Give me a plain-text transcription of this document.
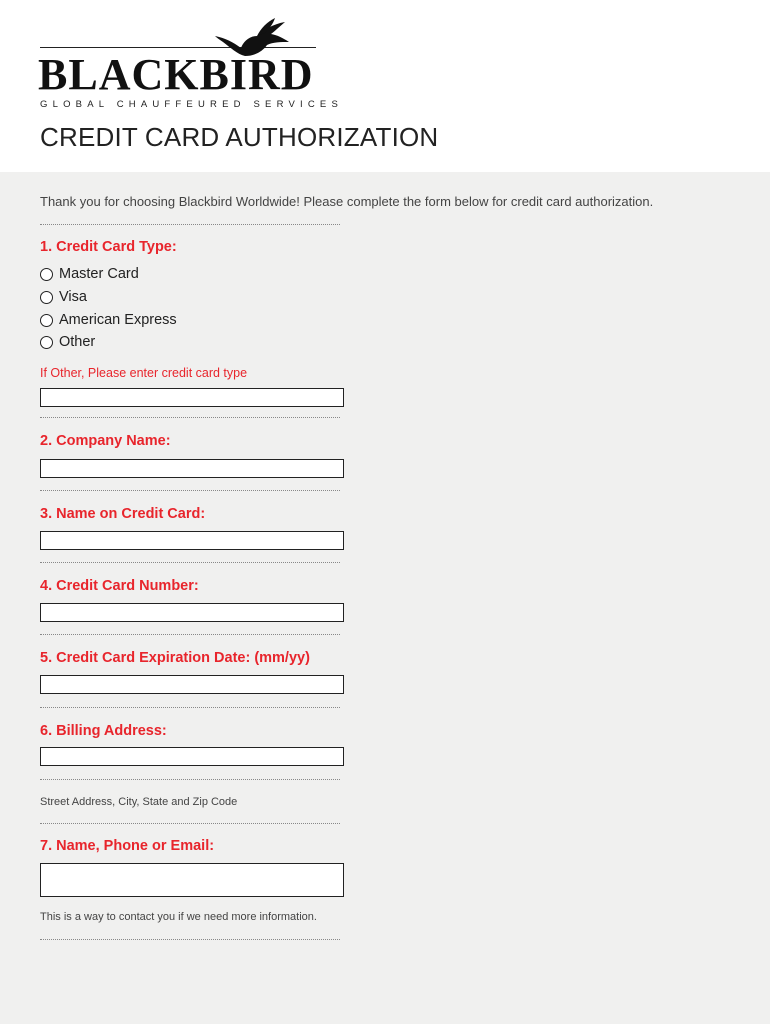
BLACKBIRD
GLOBAL CHAUFFEURED SERVICES
CREDIT CARD AUTHORIZATION
Thank you for choosing Blackbird Worldwide! Please complete the form below for credit card authorization.
1. Credit Card Type:
Master Card
Visa
American Express
Other
If Other, Please enter credit card type
2. Company Name:
3. Name on Credit Card:
4. Credit Card Number:
5. Credit Card Expiration Date: (mm/yy)
6. Billing Address:
Street Address, City, State and Zip Code
7. Name, Phone or Email:
This is a way to contact you if we need more information.
